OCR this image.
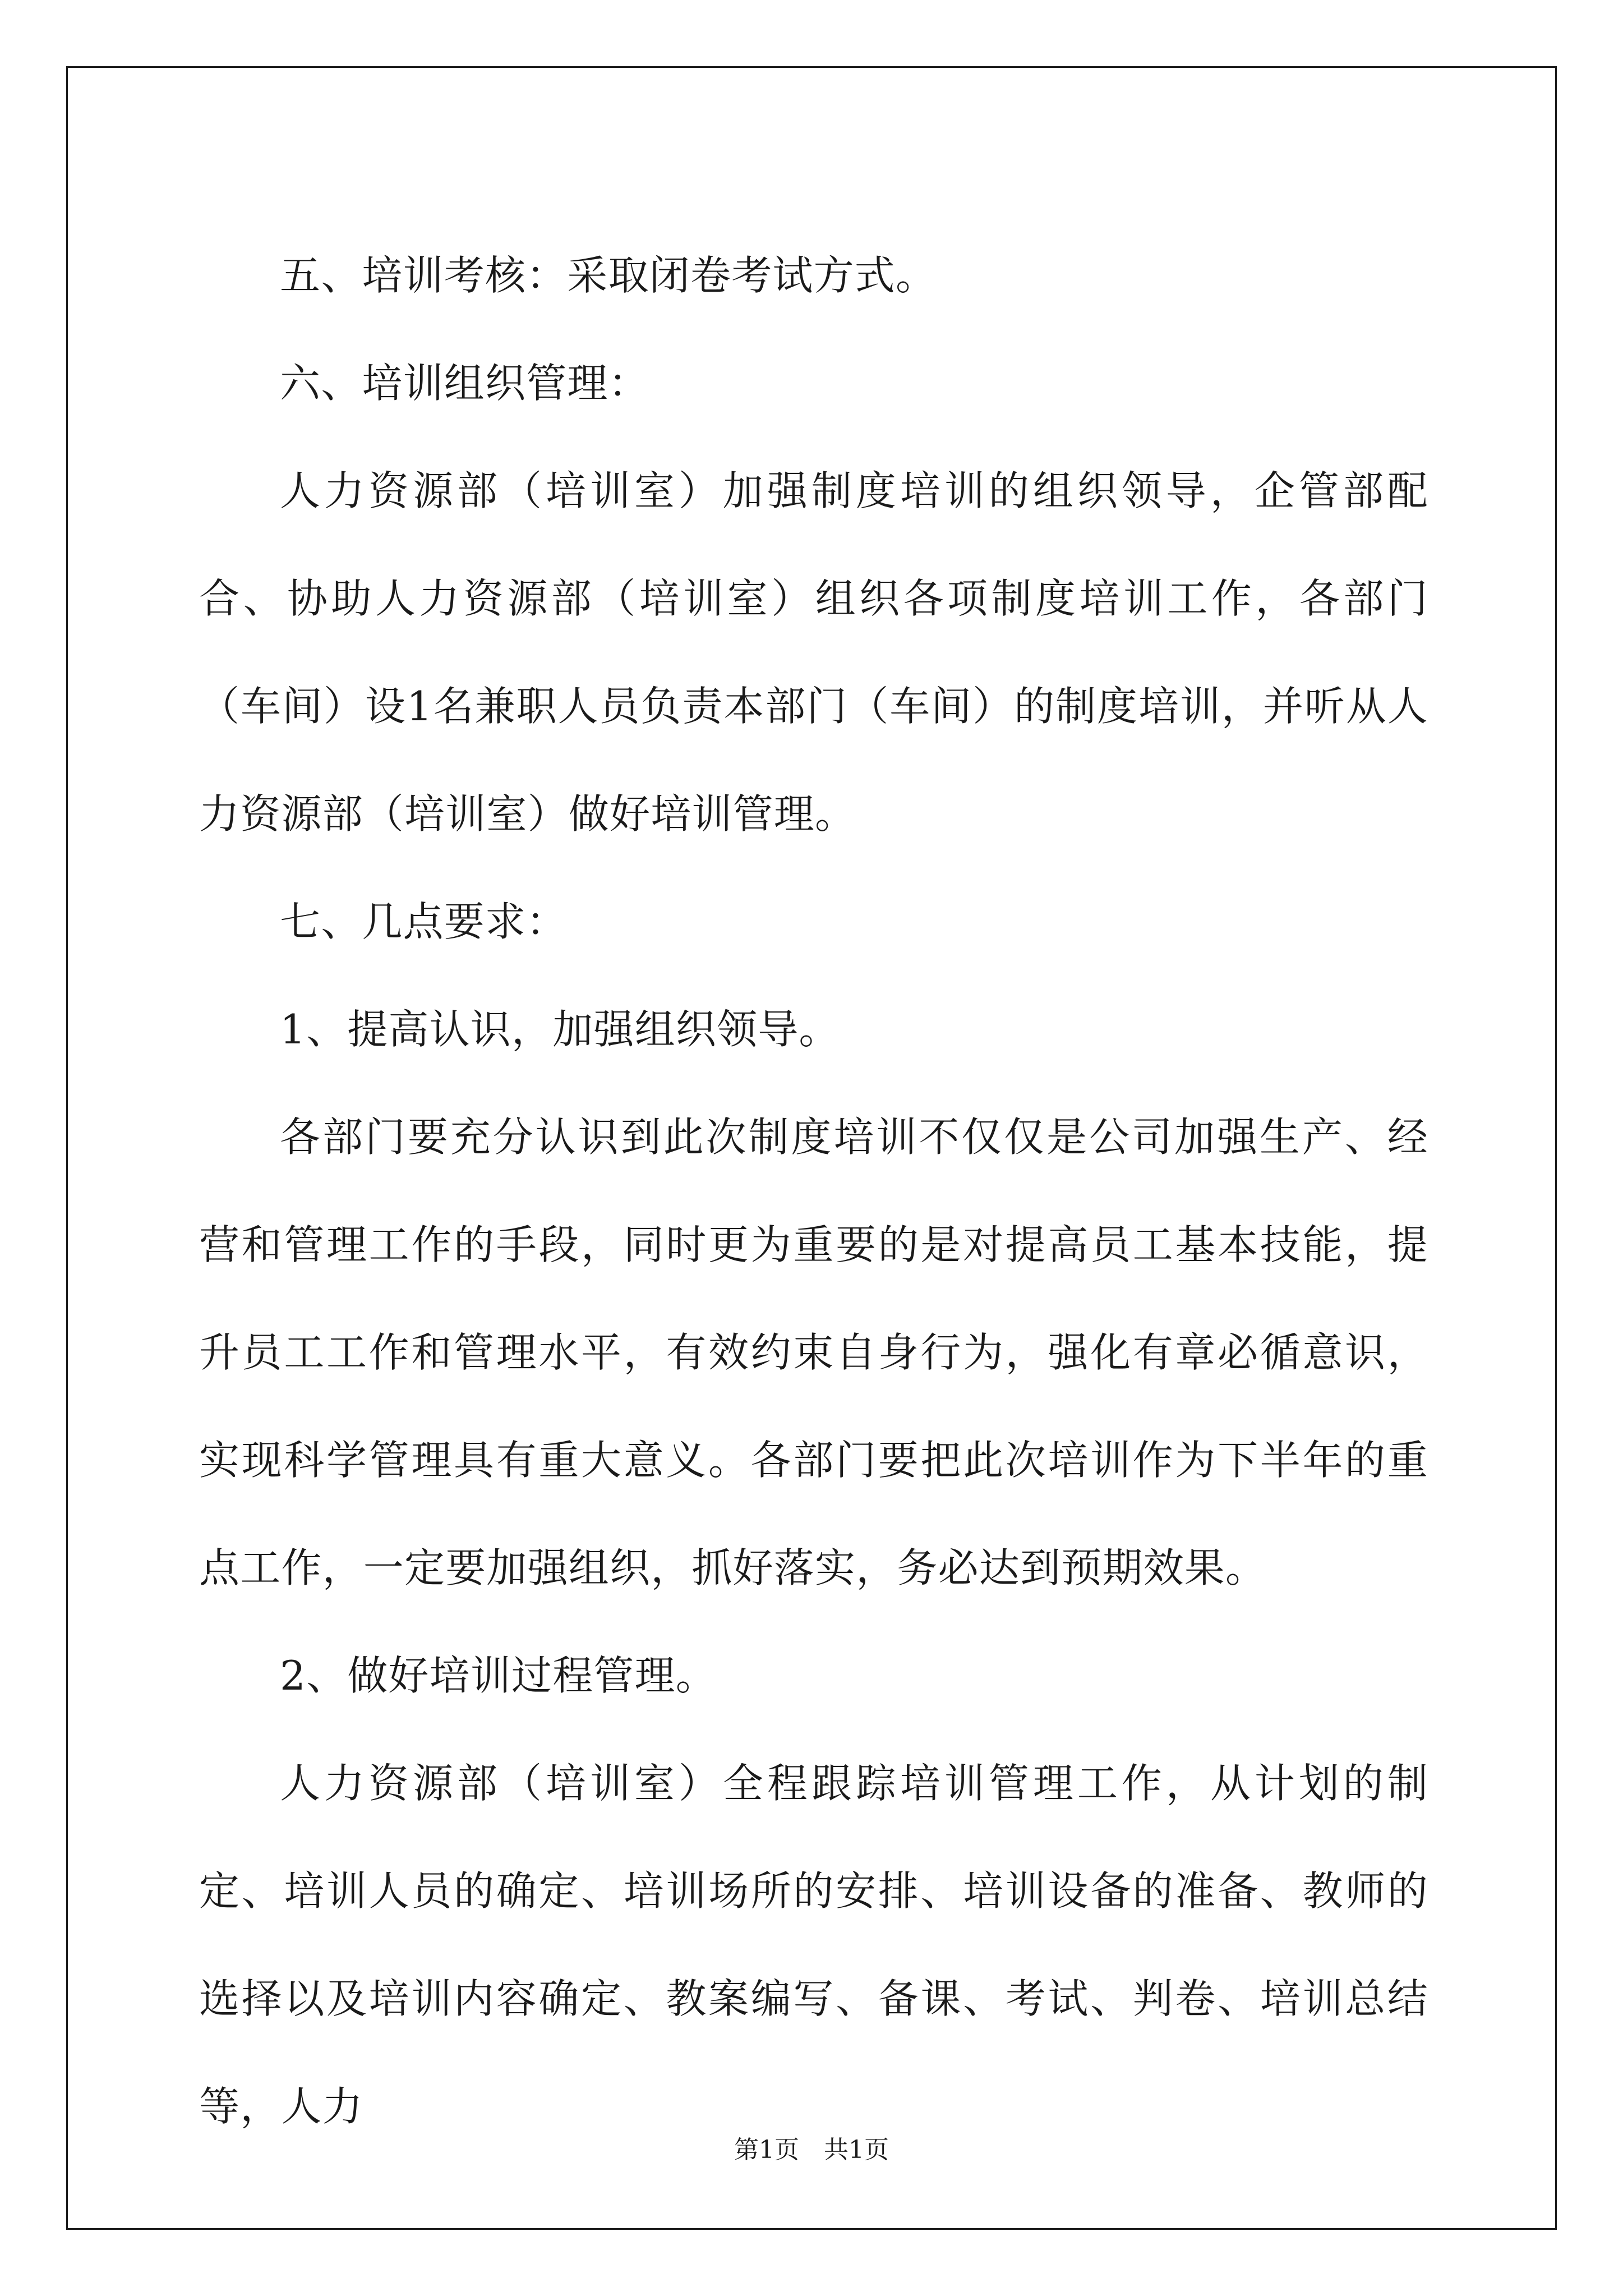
五、培训考核：采取闭卷考试方式。

六、培训组织管理：

人力资源部（培训室）加强制度培训的组织领导，企管部配合、协助人力资源部（培训室）组织各项制度培训工作，各部门（车间）设1名兼职人员负责本部门（车间）的制度培训，并听从人力资源部（培训室）做好培训管理。

七、几点要求：

1、提高认识，加强组织领导。

各部门要充分认识到此次制度培训不仅仅是公司加强生产、经营和管理工作的手段，同时更为重要的是对提高员工基本技能，提升员工工作和管理水平，有效约束自身行为，强化有章必循意识，实现科学管理具有重大意义。各部门要把此次培训作为下半年的重点工作，一定要加强组织，抓好落实，务必达到预期效果。

2、做好培训过程管理。

人力资源部（培训室）全程跟踪培训管理工作，从计划的制定、培训人员的确定、培训场所的安排、培训设备的准备、教师的选择以及培训内容确定、教案编写、备课、考试、判卷、培训总结等，人力

第1页 共1页
